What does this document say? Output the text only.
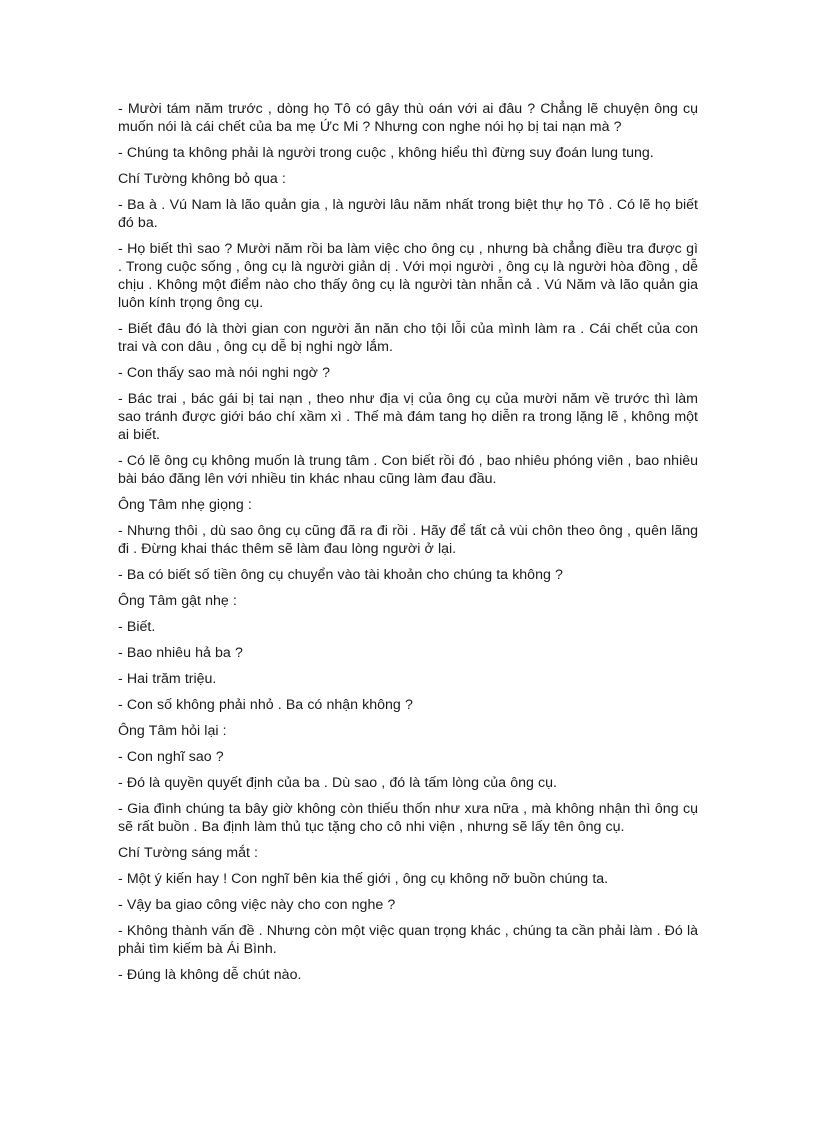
- Mười tám năm trước , dòng họ Tô có gây thù oán với ai đâu ? Chẳng lẽ chuyện ông cụ muốn nói là cái chết của ba mẹ Ức Mi ? Nhưng con nghe nói họ bị tai nạn mà ?

- Chúng ta không phải là người trong cuộc , không hiểu thì đừng suy đoán lung tung.

Chí Tường không bỏ qua :

- Ba à . Vú Nam là lão quản gia , là người lâu năm nhất trong biệt thự họ Tô . Có lẽ họ biết đó ba.

- Họ biết thì sao ? Mười năm rồi ba làm việc cho ông cụ , nhưng bà chẳng điều tra được gì . Trong cuộc sống , ông cụ là người giản dị . Với mọi người , ông cụ là người hòa đồng , dễ chịu . Không một điểm nào cho thấy ông cụ là người tàn nhẫn cả . Vú Năm và lão quản gia luôn kính trọng ông cụ.

- Biết đâu đó là thời gian con người ăn năn cho tội lỗi của mình làm ra . Cái chết của con trai và con dâu , ông cụ dễ bị nghi ngờ lắm.

- Con thấy sao mà nói nghi ngờ ?

- Bác trai , bác gái bị tai nạn , theo như địa vị của ông cụ của mười năm về trước thì làm sao tránh được giới báo chí xầm xì . Thế mà đám tang họ diễn ra trong lặng lẽ , không một ai biết.

- Có lẽ ông cụ không muốn là trung tâm . Con biết rồi đó , bao nhiêu phóng viên , bao nhiêu bài báo đăng lên với nhiều tin khác nhau cũng làm đau đầu.

Ông Tâm nhẹ giọng :

- Nhưng thôi , dù sao ông cụ cũng đã ra đi rồi . Hãy để tất cả vùi chôn theo ông , quên lãng đi . Đừng khai thác thêm sẽ làm đau lòng người ở lại.

- Ba có biết số tiền ông cụ chuyển vào tài khoản cho chúng ta không ?

Ông Tâm gật nhẹ :

- Biết.

- Bao nhiêu hả ba ?

- Hai trăm triệu.

- Con số không phải nhỏ . Ba có nhận không ?

Ông Tâm hỏi lại :

- Con nghĩ sao ?

- Đó là quyền quyết định của ba . Dù sao , đó là tấm lòng của ông cụ.

- Gia đình chúng ta bây giờ không còn thiếu thốn như xưa nữa , mà không nhận thì ông cụ sẽ rất buồn . Ba định làm thủ tục tặng cho cô nhi viện , nhưng sẽ lấy tên ông cụ.

Chí Tường sáng mắt :

- Một ý kiến hay ! Con nghĩ bên kia thế giới , ông cụ không nỡ buồn chúng ta.

- Vậy ba giao công việc này cho con nghe ?

- Không thành vấn đề . Nhưng còn một việc quan trọng khác , chúng ta cần phải làm . Đó là phải tìm kiếm bà Ái Bình.

- Đúng là không dễ chút nào.
